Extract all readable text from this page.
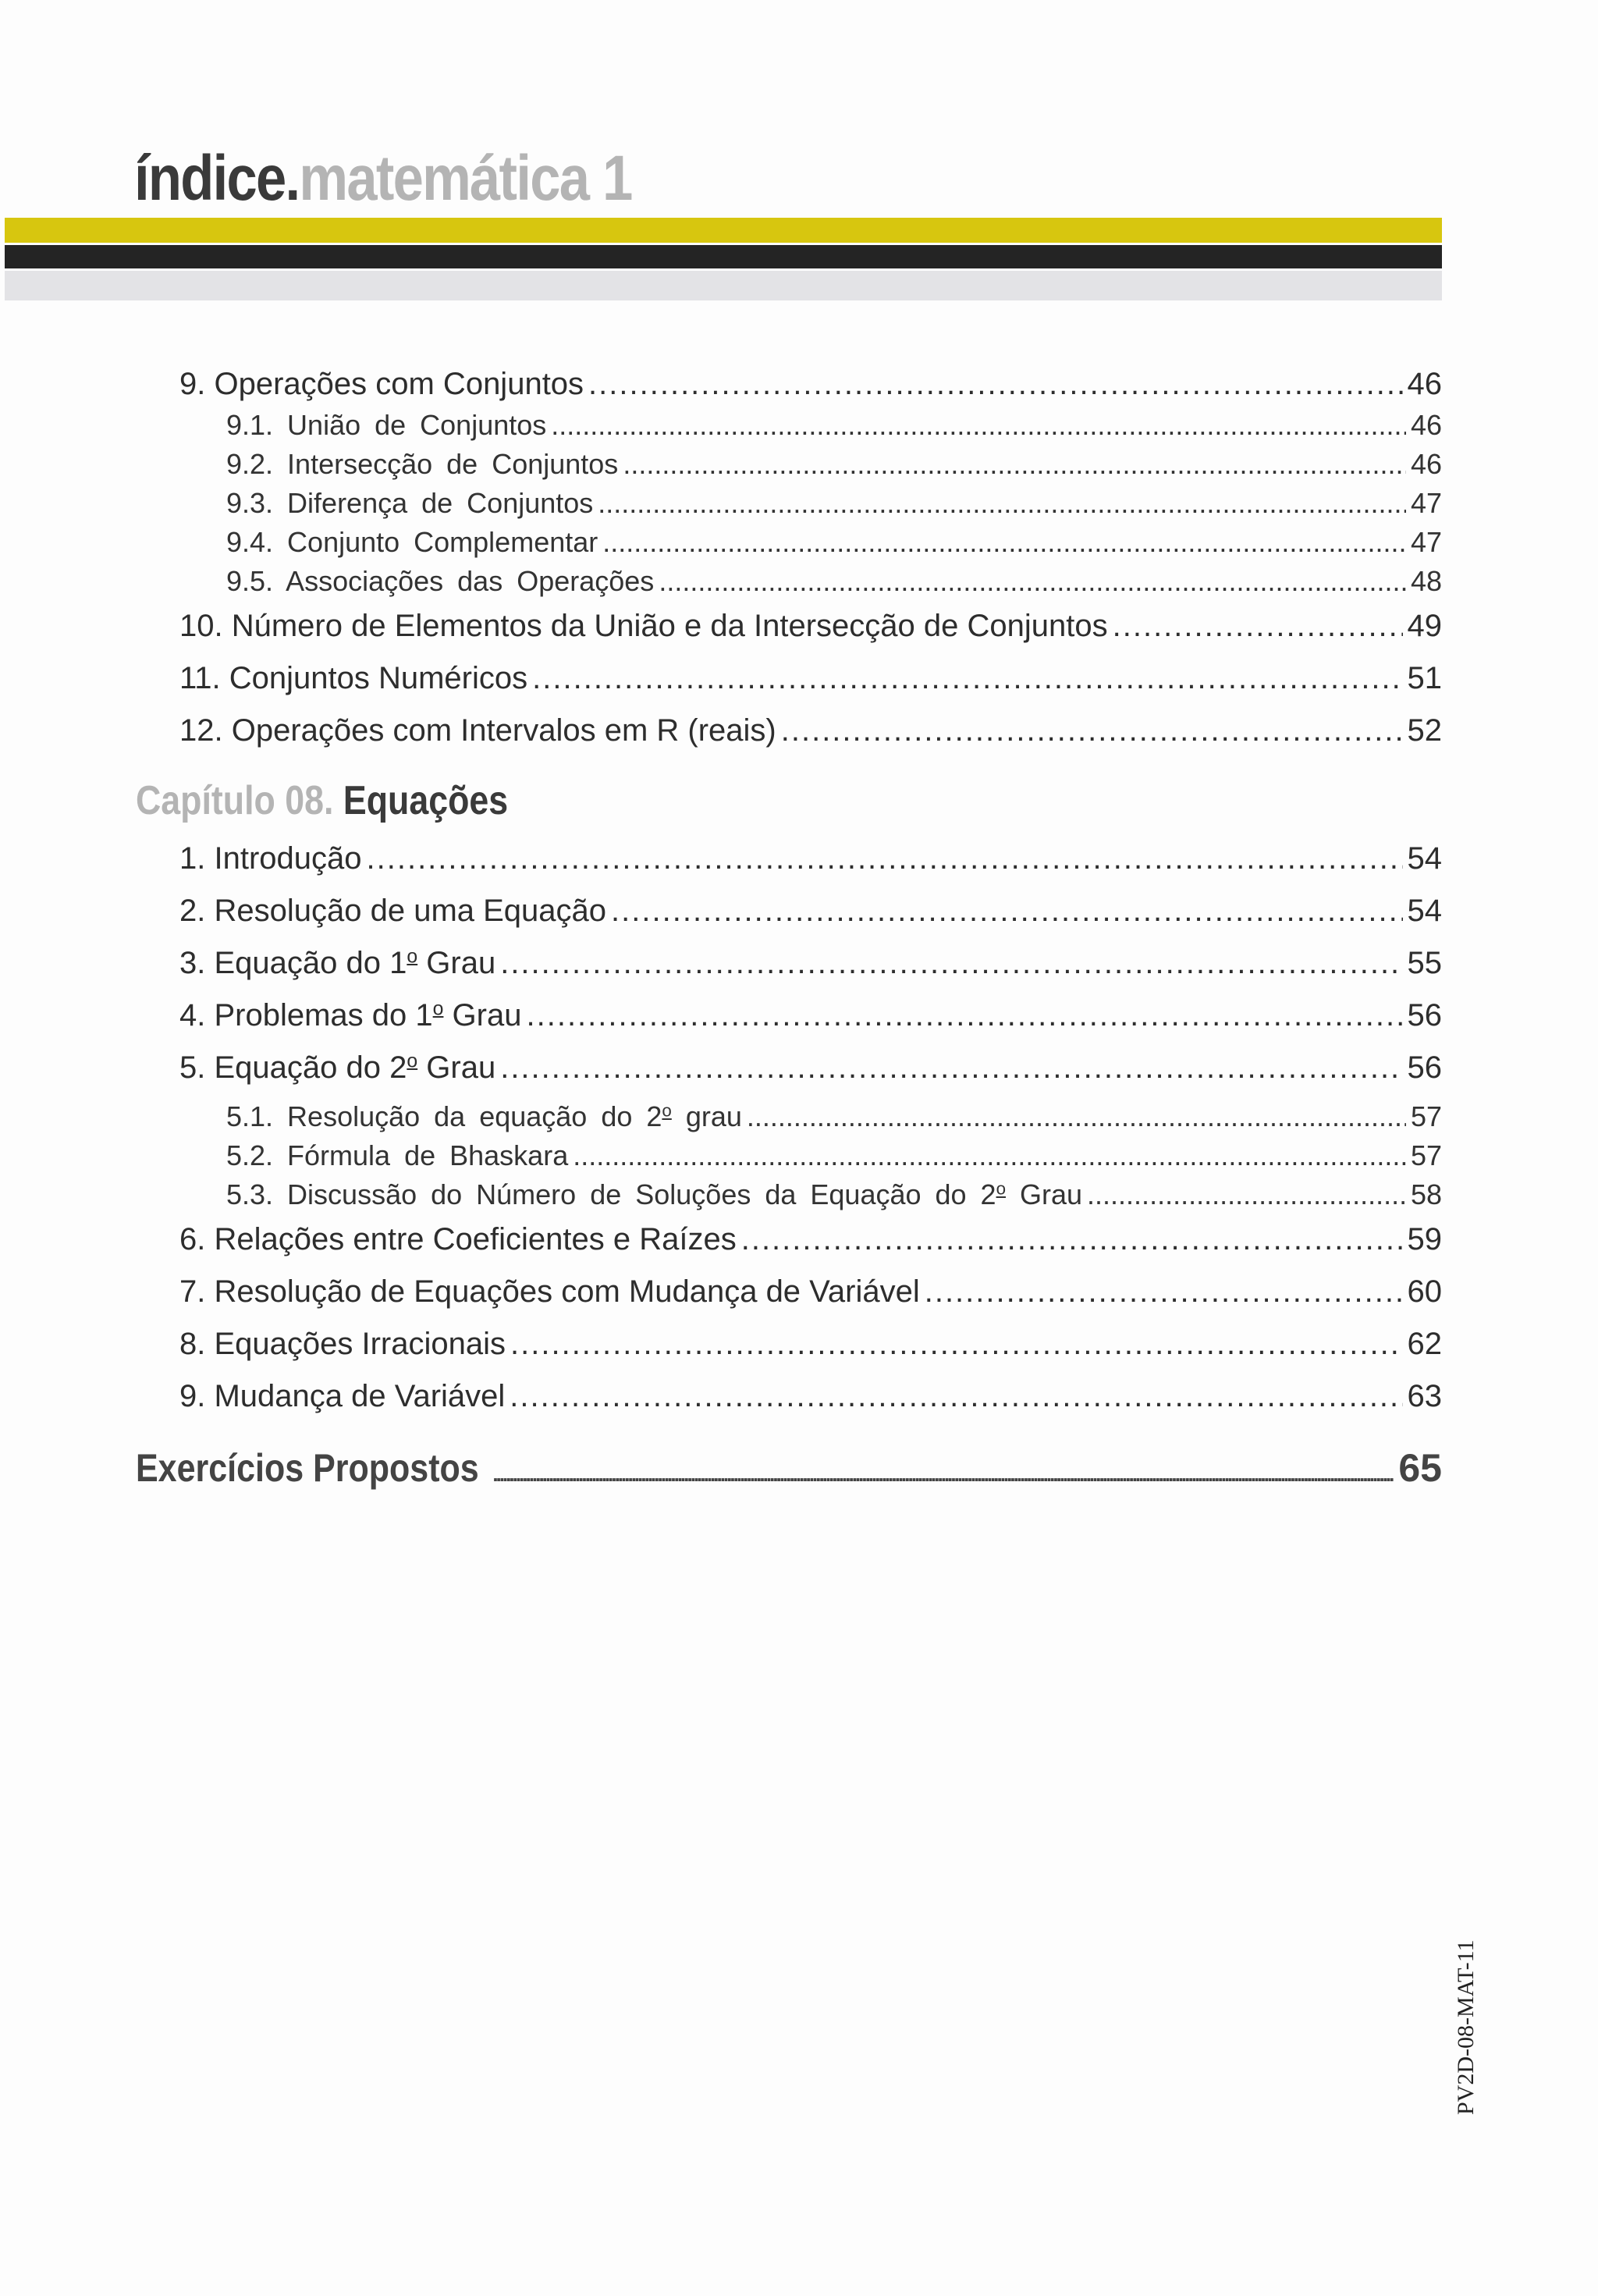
índice.matemática 1
9. Operações com Conjuntos .....	46
9.1. União de Conjuntos .....	46
9.2. Intersecção de Conjuntos .....	46
9.3. Diferença de Conjuntos .....	47
9.4. Conjunto Complementar .....	47
9.5. Associações das Operações .....	48
10. Número de Elementos da União e da Intersecção de Conjuntos .....	49
11. Conjuntos Numéricos .....	51
12. Operações com Intervalos em R (reais) .....	52
Capítulo 08. Equações
1. Introdução .....	54
2. Resolução de uma Equação .....	54
3. Equação do 1$^o$ Grau .....	55
4. Problemas do 1$^o$ Grau .....	56
5. Equação do 2$^o$ Grau .....	56
5.1. Resolução da equação do 2$^o$ grau .....	57
5.2. Fórmula de Bhaskara .....	57
5.3. Discussão do Número de Soluções da Equação do 2$^o$ Grau .....	58
6. Relações entre Coeficientes e Raízes .....	59
7. Resolução de Equações com Mudança de Variável .....	60
8. Equações Irracionais .....	62
9. Mudança de Variável .....	63
Exercícios Propostos .....	65
PV2D-08-MAT-11
